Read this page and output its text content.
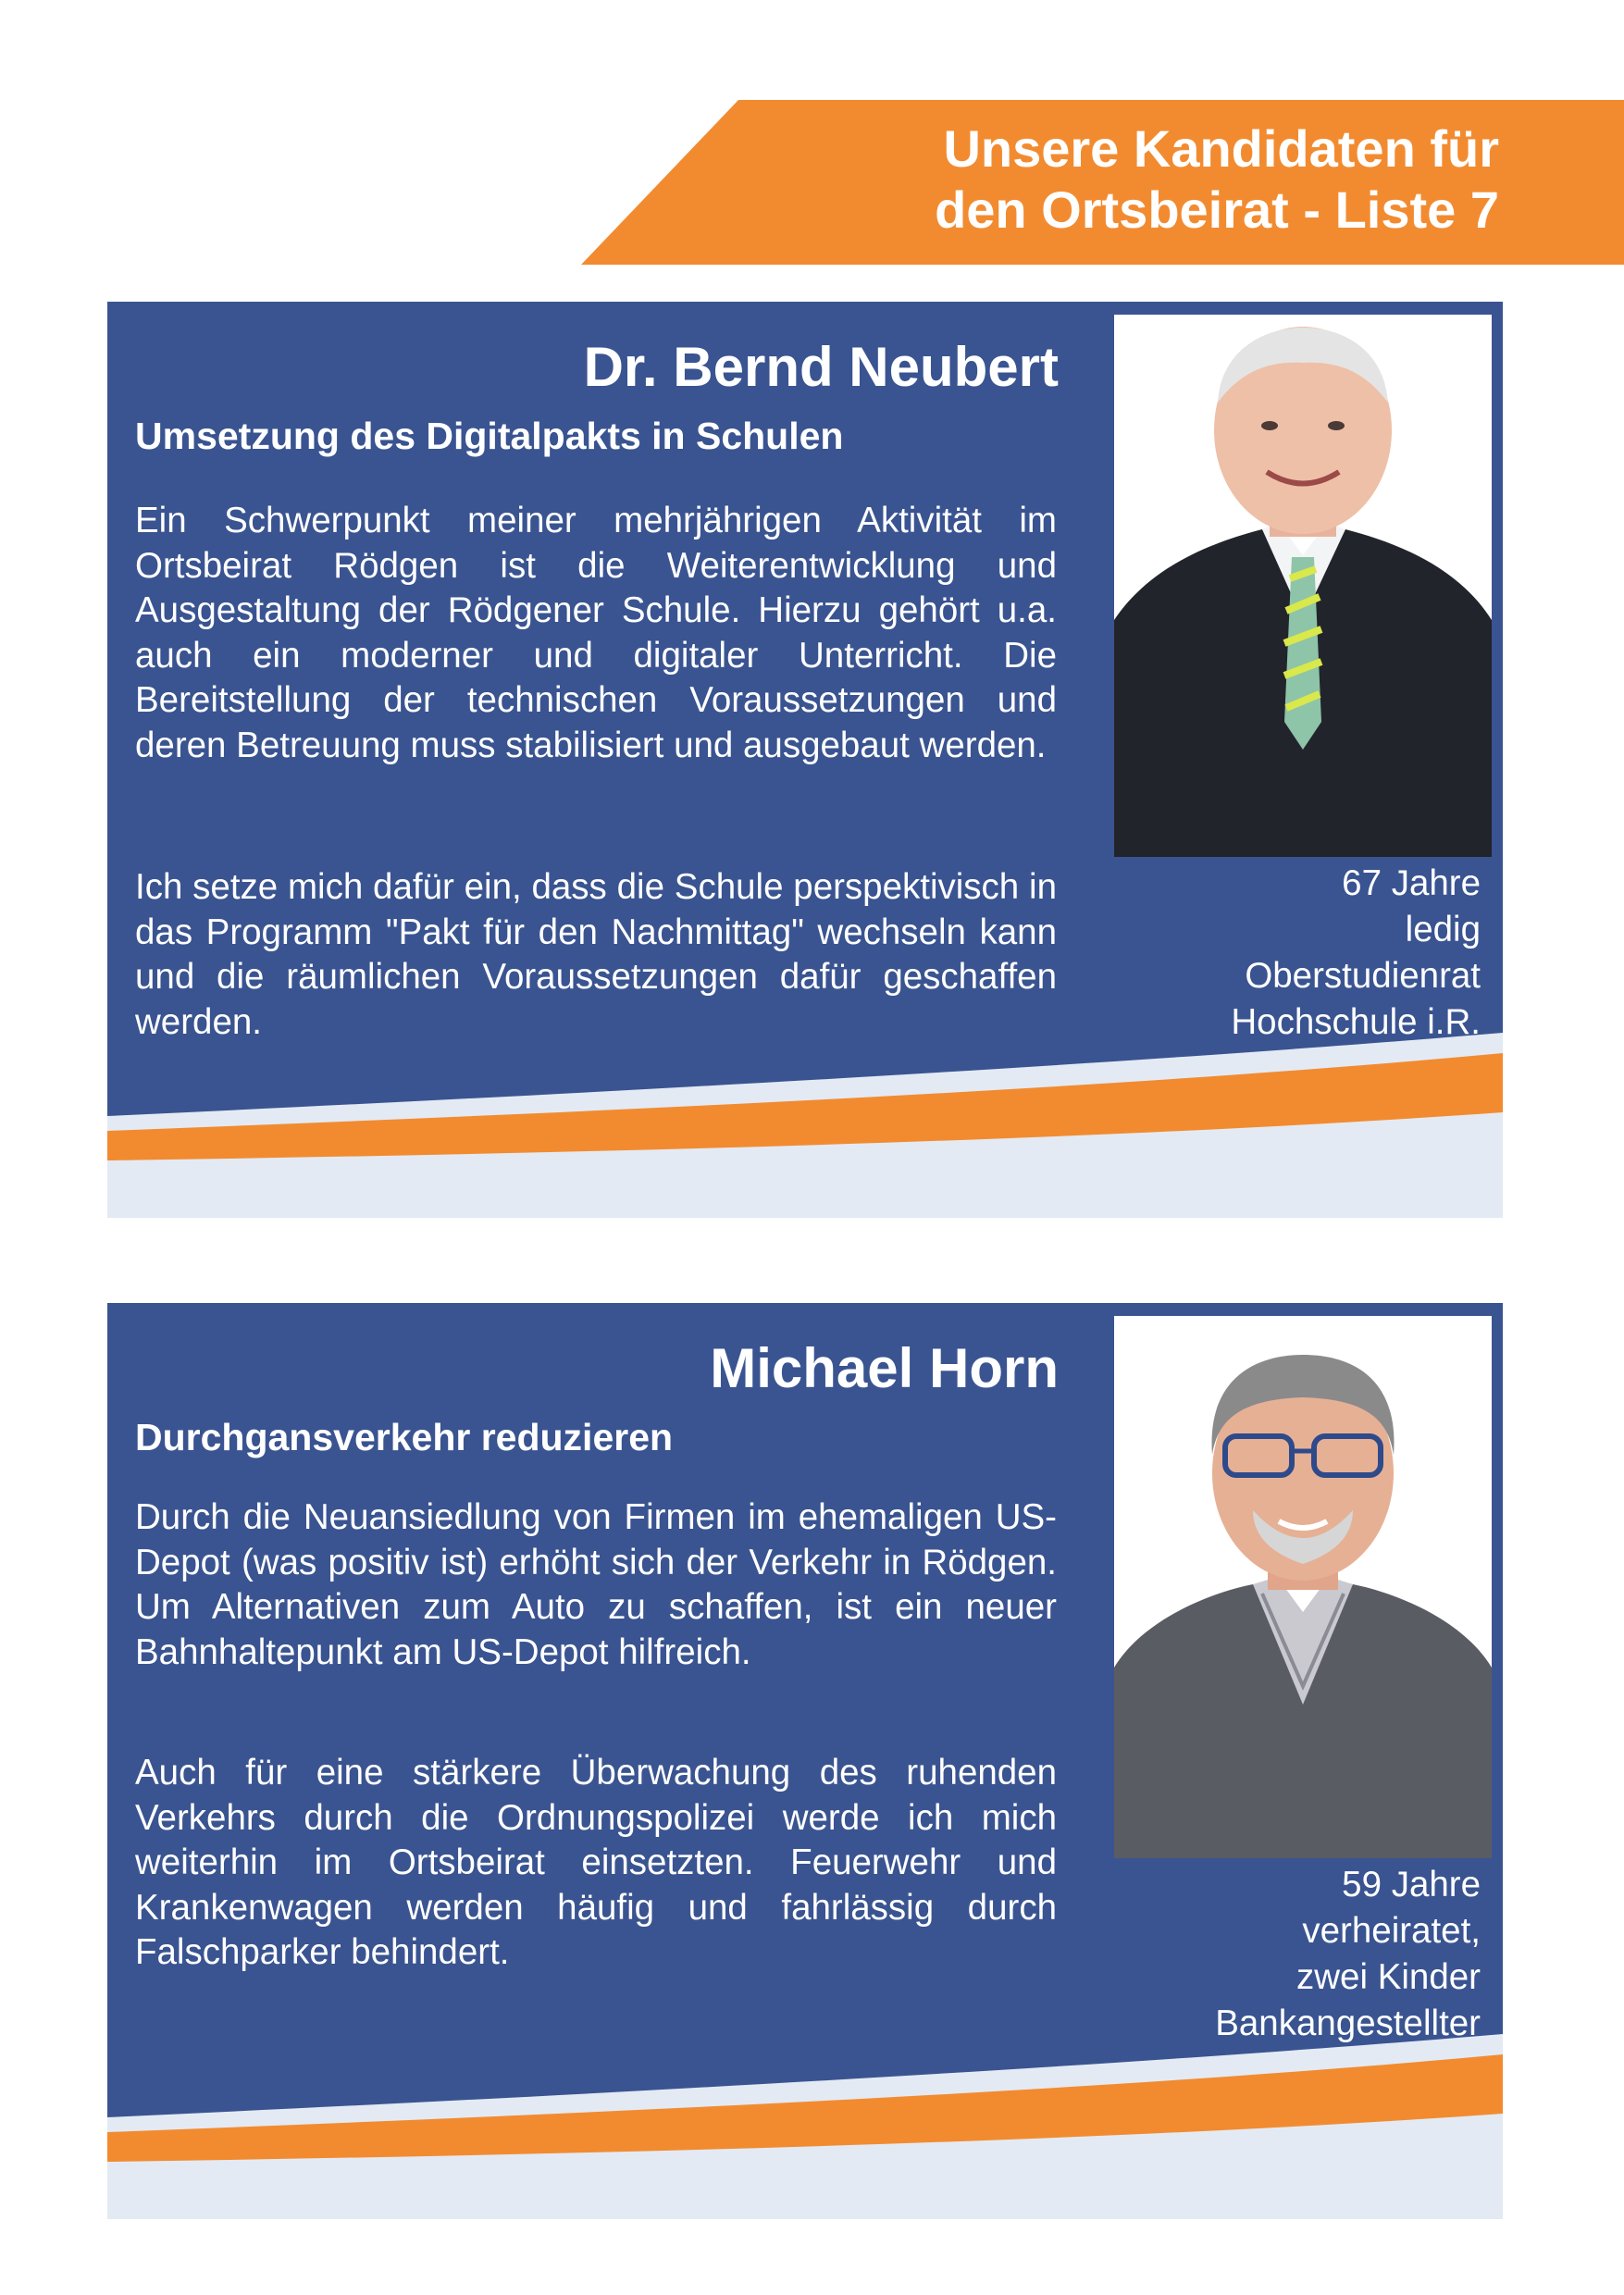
Unsere Kandidaten für
den Ortsbeirat - Liste 7
Dr. Bernd Neubert
Umsetzung des Digitalpakts in Schulen

Ein Schwerpunkt meiner mehrjährigen Aktivität im Ortsbeirat Rödgen ist die Weiterentwicklung und Ausgestaltung der Rödgener Schule. Hierzu gehört u.a. auch ein moderner und digitaler Unterricht. Die Bereitstellung der technischen Voraussetzungen und deren Betreuung muss stabilisiert und ausgebaut werden.

Ich setze mich dafür ein, dass die Schule perspektivisch in das Programm "Pakt für den Nachmittag" wechseln kann und die räumlichen Voraussetzungen dafür geschaffen werden.

67 Jahre
ledig
Oberstudienrat
Hochschule i.R.
Michael Horn
Durchgansverkehr reduzieren

Durch die Neuansiedlung von Firmen im ehemaligen US-Depot (was positiv ist) erhöht sich der Verkehr in Rödgen. Um Alternativen zum Auto zu schaffen, ist ein neuer Bahnhaltepunkt am US-Depot hilfreich.

Auch für eine stärkere Überwachung des ruhenden Verkehrs durch die Ordnungspolizei werde ich mich weiterhin im Ortsbeirat einsetzten. Feuerwehr und Krankenwagen werden häufig und fahrlässig durch Falschparker behindert.

59 Jahre
verheiratet,
zwei Kinder
Bankangestellter
